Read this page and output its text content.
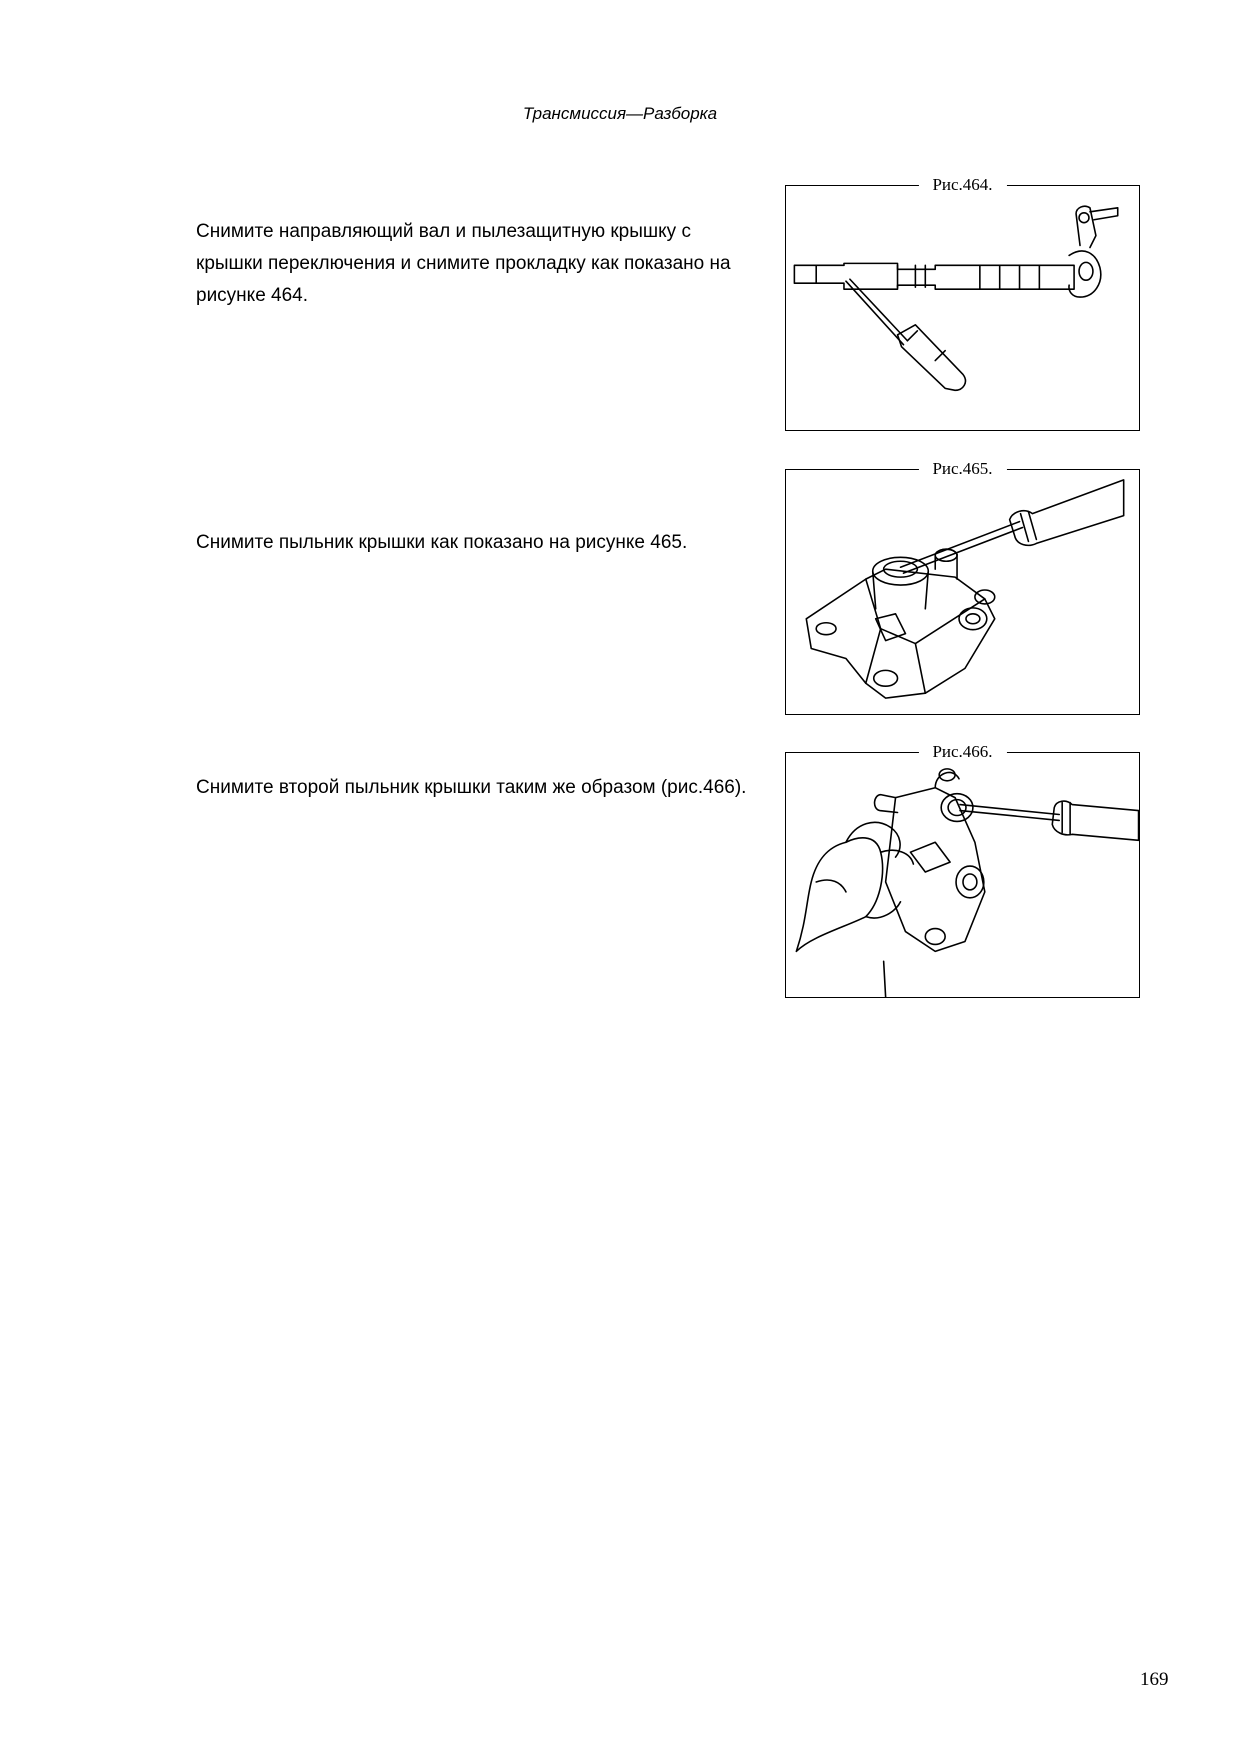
Трансмиссия—Разборка
Снимите направляющий вал и пылезащитную крышку с крышки переключения и снимите прокладку как показано на рисунке 464.
Рис.464.
Снимите пыльник крышки как показано на рисунке 465.
Рис.465.
Снимите второй пыльник крышки таким же образом (рис.466).
Рис.466.
169
